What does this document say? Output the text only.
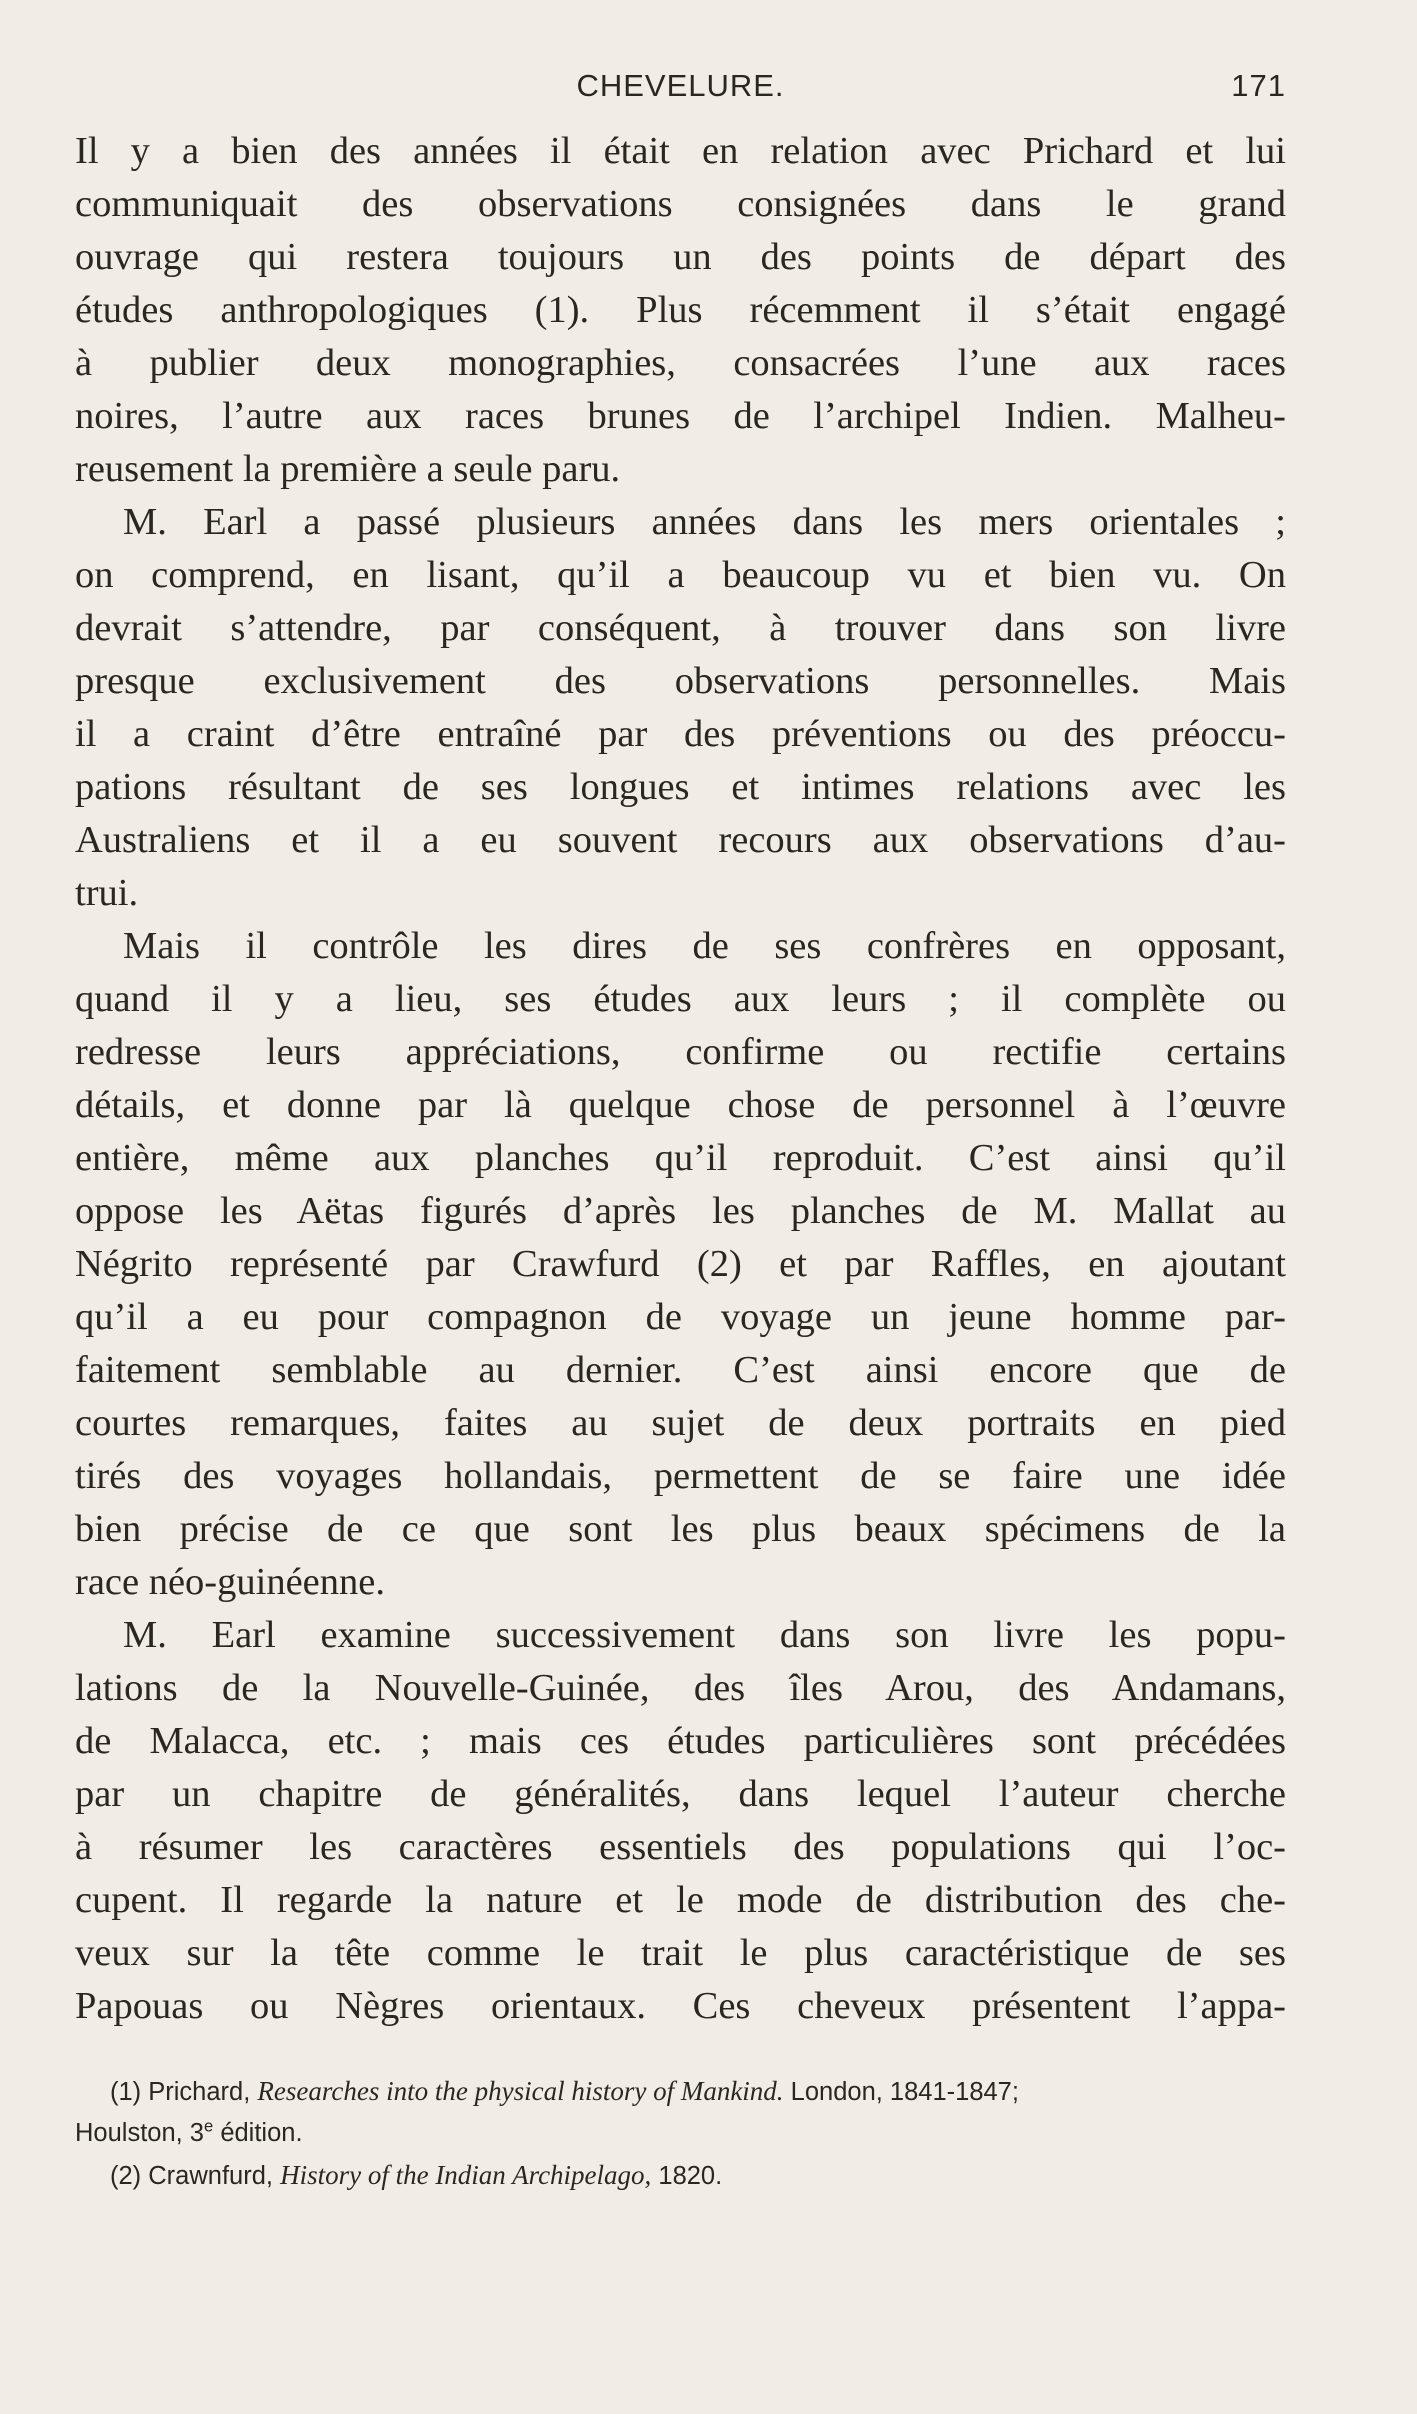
CHEVELURE.	171
Il y a bien des années il était en relation avec Prichard et lui
communiquait des observations consignées dans le grand
ouvrage qui restera toujours un des points de départ des
études anthropologiques (1). Plus récemment il s’était engagé
à publier deux monographies, consacrées l’une aux races
noires, l’autre aux races brunes de l’archipel Indien. Malheu-
reusement la première a seule paru.
M. Earl a passé plusieurs années dans les mers orientales ;
on comprend, en lisant, qu’il a beaucoup vu et bien vu. On
devrait s’attendre, par conséquent, à trouver dans son livre
presque exclusivement des observations personnelles. Mais
il a craint d’être entraîné par des préventions ou des préoccu-
pations résultant de ses longues et intimes relations avec les
Australiens et il a eu souvent recours aux observations d’au-
trui.
Mais il contrôle les dires de ses confrères en opposant,
quand il y a lieu, ses études aux leurs ; il complète ou
redresse leurs appréciations, confirme ou rectifie certains
détails, et donne par là quelque chose de personnel à l’œuvre
entière, même aux planches qu’il reproduit. C’est ainsi qu’il
oppose les Aëtas figurés d’après les planches de M. Mallat au
Négrito représenté par Crawfurd (2) et par Raffles, en ajoutant
qu’il a eu pour compagnon de voyage un jeune homme par-
faitement semblable au dernier. C’est ainsi encore que de
courtes remarques, faites au sujet de deux portraits en pied
tirés des voyages hollandais, permettent de se faire une idée
bien précise de ce que sont les plus beaux spécimens de la
race néo-guinéenne.
M. Earl examine successivement dans son livre les popu-
lations de la Nouvelle-Guinée, des îles Arou, des Andamans,
de Malacca, etc. ; mais ces études particulières sont précédées
par un chapitre de généralités, dans lequel l’auteur cherche
à résumer les caractères essentiels des populations qui l’oc-
cupent. Il regarde la nature et le mode de distribution des che-
veux sur la tête comme le trait le plus caractéristique de ses
Papouas ou Nègres orientaux. Ces cheveux présentent l’appa-
(1) Prichard, Researches into the physical history of Mankind. London, 1841-1847;
Houlston, 3e édition.
(2) Crawnfurd, History of the Indian Archipelago, 1820.
